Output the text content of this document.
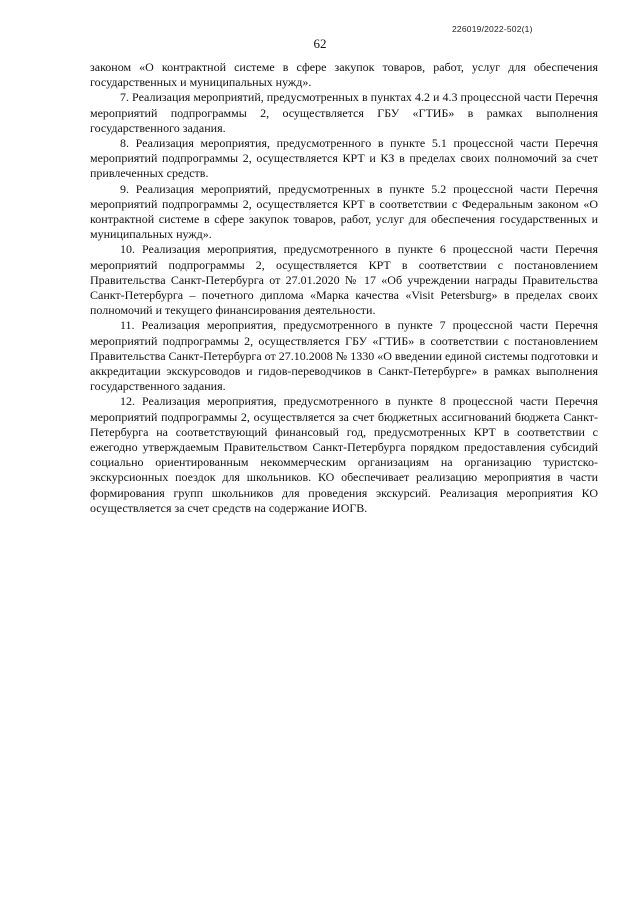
226019/2022-502(1)
62

законом «О контрактной системе в сфере закупок товаров, работ, услуг для обеспечения государственных и муниципальных нужд».

7. Реализация мероприятий, предусмотренных в пунктах 4.2 и 4.3 процессной части Перечня мероприятий подпрограммы 2, осуществляется ГБУ «ГТИБ» в рамках выполнения государственного задания.

8. Реализация мероприятия, предусмотренного в пункте 5.1 процессной части Перечня мероприятий подпрограммы 2, осуществляется КРТ и КЗ в пределах своих полномочий за счет привлеченных средств.

9. Реализация мероприятий, предусмотренных в пункте 5.2 процессной части Перечня мероприятий подпрограммы 2, осуществляется КРТ в соответствии с Федеральным законом «О контрактной системе в сфере закупок товаров, работ, услуг для обеспечения государственных и муниципальных нужд».

10. Реализация мероприятия, предусмотренного в пункте 6 процессной части Перечня мероприятий подпрограммы 2, осуществляется КРТ в соответствии с постановлением Правительства Санкт-Петербурга от 27.01.2020 № 17 «Об учреждении награды Правительства Санкт-Петербурга – почетного диплома «Марка качества «Visit Petersburg» в пределах своих полномочий и текущего финансирования деятельности.

11. Реализация мероприятия, предусмотренного в пункте 7 процессной части Перечня мероприятий подпрограммы 2, осуществляется ГБУ «ГТИБ» в соответствии с постановлением Правительства Санкт-Петербурга от 27.10.2008 № 1330 «О введении единой системы подготовки и аккредитации экскурсоводов и гидов-переводчиков в Санкт-Петербурге» в рамках выполнения государственного задания.

12. Реализация мероприятия, предусмотренного в пункте 8 процессной части Перечня мероприятий подпрограммы 2, осуществляется за счет бюджетных ассигнований бюджета Санкт-Петербурга на соответствующий финансовый год, предусмотренных КРТ в соответствии с ежегодно утверждаемым Правительством Санкт-Петербурга порядком предоставления субсидий социально ориентированным некоммерческим организациям на организацию туристско-экскурсионных поездок для школьников. КО обеспечивает реализацию мероприятия в части формирования групп школьников для проведения экскурсий. Реализация мероприятия КО осуществляется за счет средств на содержание ИОГВ.
